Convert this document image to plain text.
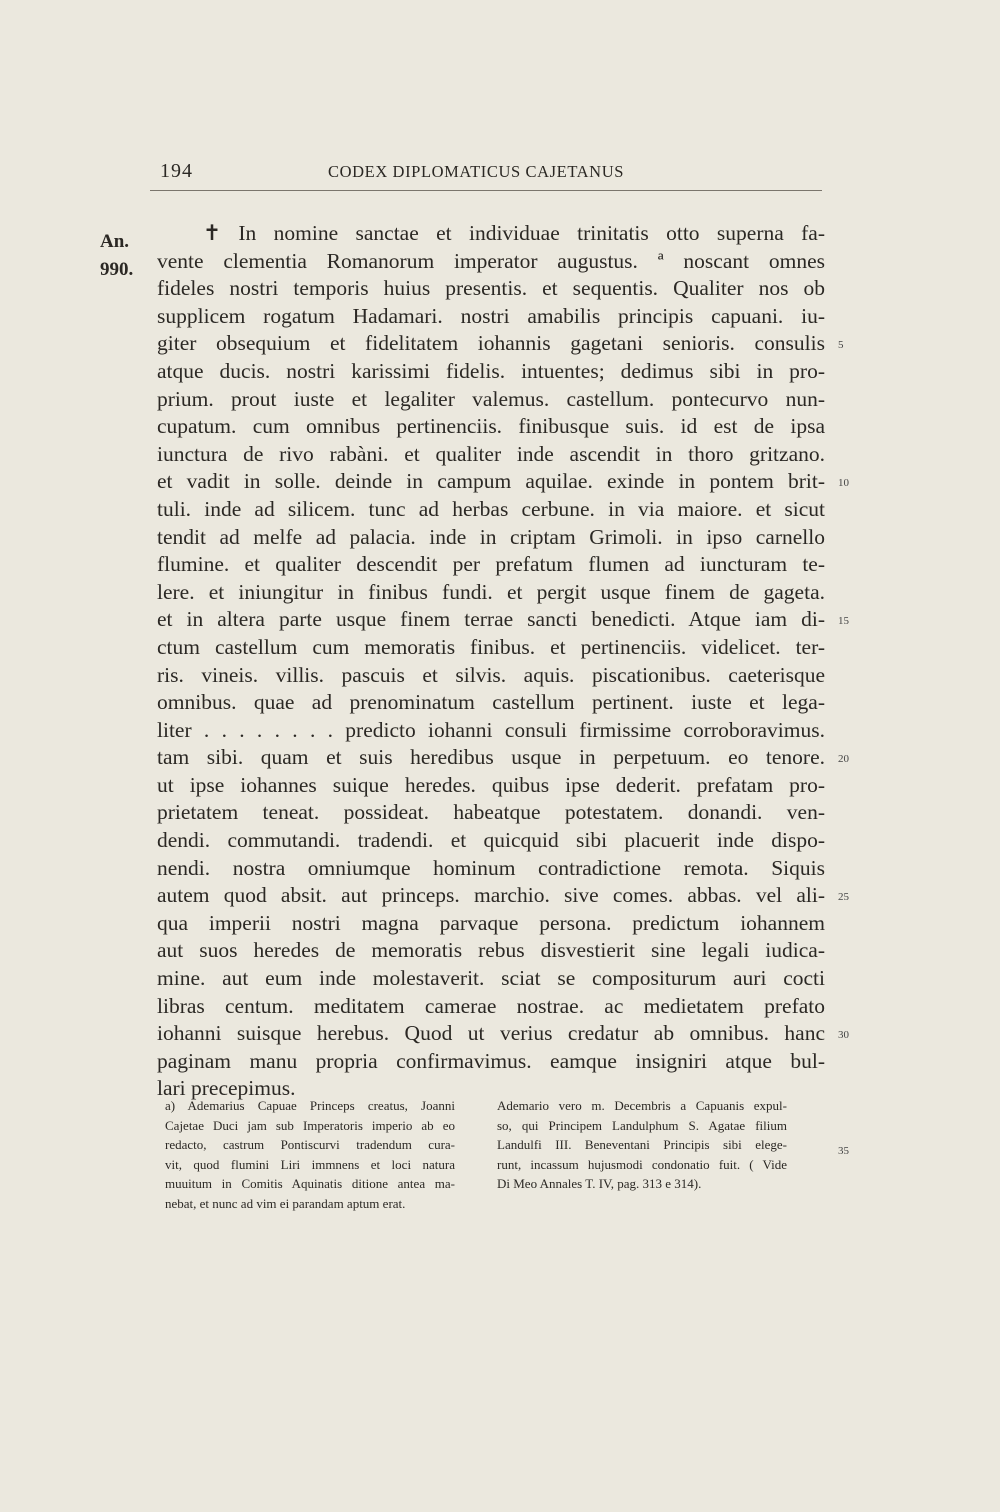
194	CODEX DIPLOMATICUS CAJETANUS
An.
990.
✝ In nomine sanctae et individuae trinitatis otto superna fa-
vente clementia Romanorum imperator augustus. ª noscant omnes
fideles nostri temporis huius presentis. et sequentis. Qualiter nos ob
supplicem rogatum Hadamari. nostri amabilis principis capuani. iu-
giter obsequium et fidelitatem iohannis gagetani senioris. consulis
atque ducis. nostri karissimi fidelis. intuentes; dedimus sibi in pro-
prium. prout iuste et legaliter valemus. castellum. pontecurvo nun-
cupatum. cum omnibus pertinenciis. finibusque suis. id est de ipsa
iunctura de rivo rabàni. et qualiter inde ascendit in thoro gritzano.
et vadit in solle. deinde in campum aquilae. exinde in pontem brit-
tuli. inde ad silicem. tunc ad herbas cerbune. in via maiore. et sicut
tendit ad melfe ad palacia. inde in criptam Grimoli. in ipso carnello
flumine. et qualiter descendit per prefatum flumen ad iuncturam te-
lere. et iniungitur in finibus fundi. et pergit usque finem de gageta.
et in altera parte usque finem terrae sancti benedicti. Atque iam di-
ctum castellum cum memoratis finibus. et pertinenciis. videlicet. ter-
ris. vineis. villis. pascuis et silvis. aquis. piscationibus. caeterisque
omnibus. quae ad prenominatum castellum pertinent. iuste et lega-
liter . . . . . . . . predicto iohanni consuli firmissime corroboravimus.
tam sibi. quam et suis heredibus usque in perpetuum. eo tenore.
ut ipse iohannes suique heredes. quibus ipse dederit. prefatam pro-
prietatem teneat. possideat. habeatque potestatem. donandi. ven-
dendi. commutandi. tradendi. et quicquid sibi placuerit inde dispo-
nendi. nostra omniumque hominum contradictione remota. Siquis
autem quod absit. aut princeps. marchio. sive comes. abbas. vel ali-
qua imperii nostri magna parvaque persona. predictum iohannem
aut suos heredes de memoratis rebus disvestierit sine legali iudica-
mine. aut eum inde molestaverit. sciat se compositurum auri cocti
libras centum. meditatem camerae nostrae. ac medietatem prefato
iohanni suisque herebus. Quod ut verius credatur ab omnibus. hanc
paginam manu propria confirmavimus. eamque insigniri atque bul-
lari precepimus.
5
10
15
20
25
30
a) Ademarius Capuae Princeps creatus, Joanni
Cajetae Duci jam sub Imperatoris imperio ab eo
redacto, castrum Pontiscurvi tradendum cura-
vit, quod flumini Liri immnens et loci natura
muuitum in Comitis Aquinatis ditione antea ma-
nebat, et nunc ad vim ei parandam aptum erat.
Ademario vero m. Decembris a Capuanis expul-
so, qui Principem Landulphum S. Agatae filium
Landulfi III. Beneventani Principis sibi elege-
runt, incassum hujusmodi condonatio fuit. ( Vide
Di Meo Annales T. IV, pag. 313 e 314).
35
